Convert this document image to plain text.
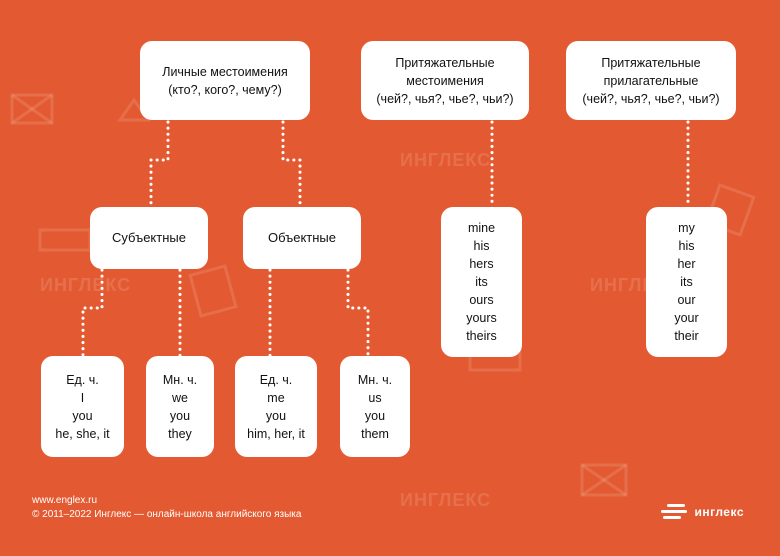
ИНГЛЕКС
ИНГЛЕКС	ИНГЛЕКС
ИНГЛЕКС
Личные местоимения
(кто?, кого?, чему?)
Притяжательные
местоимения
(чей?, чья?, чье?, чьи?)
Притяжательные
прилагательные
(чей?, чья?, чье?, чьи?)
Субъектные	Объектные
Ед. ч.
I
you
he, she, it
Мн. ч.
we
you
they
Ед. ч.
me
you
him, her, it
Мн. ч.
us
you
them
mine
his
hers
its
ours
yours
theirs
my
his
her
its
our
your
their
www.englex.ru
© 2011–2022 Инглекс — онлайн-школа английского языка	инглекс
